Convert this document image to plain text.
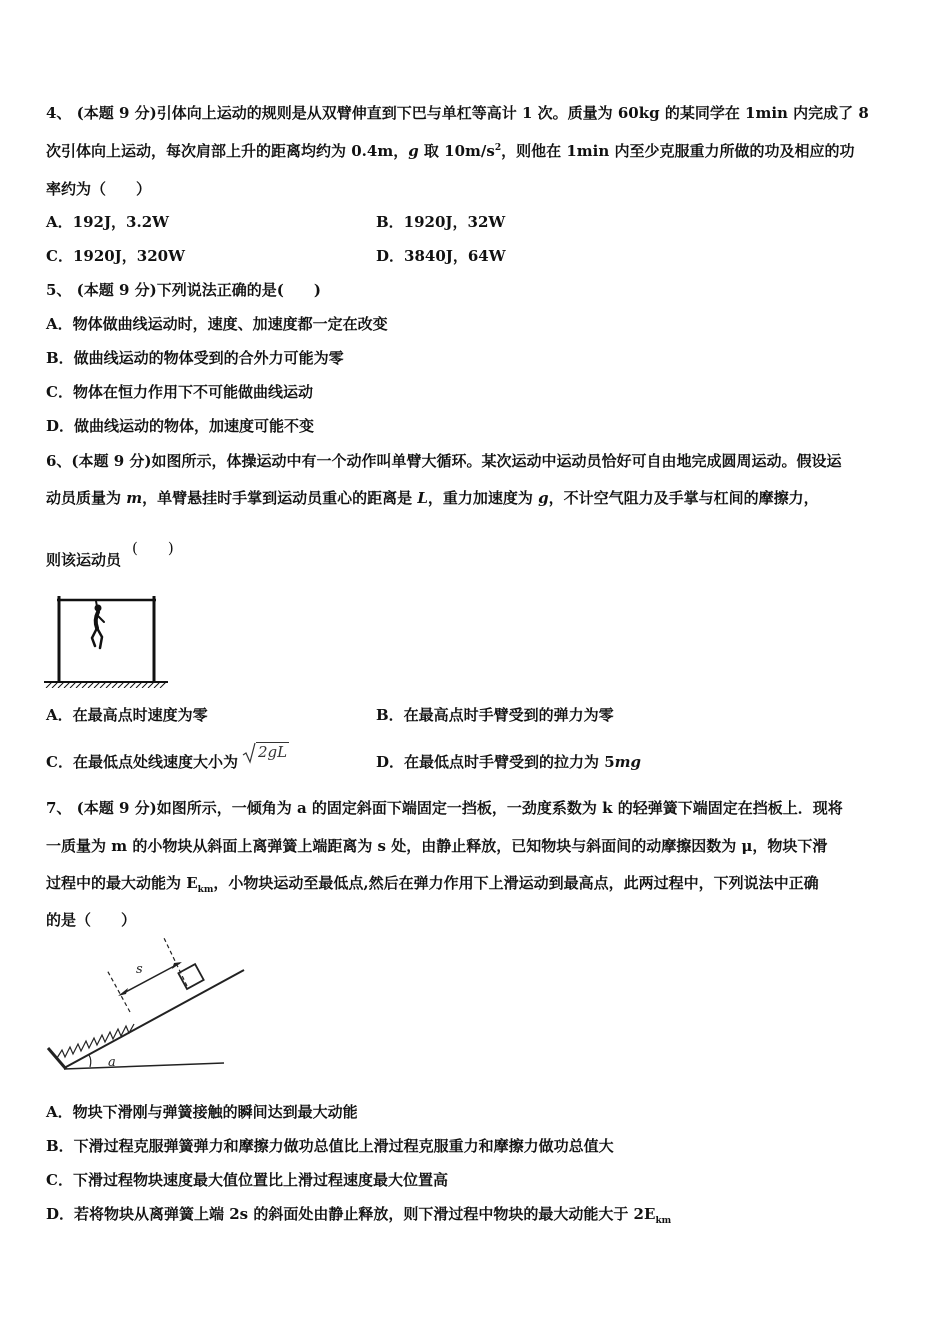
4、 (本题 9 分)引体向上运动的规则是从双臂伸直到下巴与单杠等高计 1 次。质量为 60kg 的某同学在 1min 内完成了 8
次引体向上运动，每次肩部上升的距离均约为 0.4m，g 取 $10m/s^2$，则他在 1min 内至少克服重力所做的功及相应的功
率约为（　　）
A．192J，3.2W	B．1920J，32W
C．1920J，320W	D．3840J，64W
5、 (本题 9 分)下列说法正确的是(　　)
A．物体做曲线运动时，速度、加速度都一定在改变
B．做曲线运动的物体受到的合外力可能为零
C．物体在恒力作用下不可能做曲线运动
D．做曲线运动的物体，加速度可能不变
6、(本题 9 分)如图所示，体操运动中有一个动作叫单臂大循环。某次运动中运动员恰好可自由地完成圆周运动。假设运
动员质量为 m，单臂悬挂时手掌到运动员重心的距离是 L，重力加速度为 g，不计空气阻力及手掌与杠间的摩擦力，
则该运动员
(　　)
A．在最高点时速度为零	B．在最高点时手臂受到的弹力为零
C．在最低点处线速度大小为2gL
D．在最低点时手臂受到的拉力为 5mg
7、 (本题 9 分)如图所示，一倾角为 a 的固定斜面下端固定一挡板，一劲度系数为 k 的轻弹簧下端固定在挡板上．现将
一质量为 m 的小物块从斜面上离弹簧上端距离为 s 处，由静止释放，已知物块与斜面间的动摩擦因数为 μ，物块下滑
过程中的最大动能为 $E_{km}$，小物块运动至最低点,然后在弹力作用下上滑运动到最高点，此两过程中，下列说法中正确
的是（　　）
s
a
A．物块下滑刚与弹簧接触的瞬间达到最大动能
B．下滑过程克服弹簧弹力和摩擦力做功总值比上滑过程克服重力和摩擦力做功总值大
C．下滑过程物块速度最大值位置比上滑过程速度最大位置高
D．若将物块从离弹簧上端 2s 的斜面处由静止释放，则下滑过程中物块的最大动能大于 $2E_{km}$
